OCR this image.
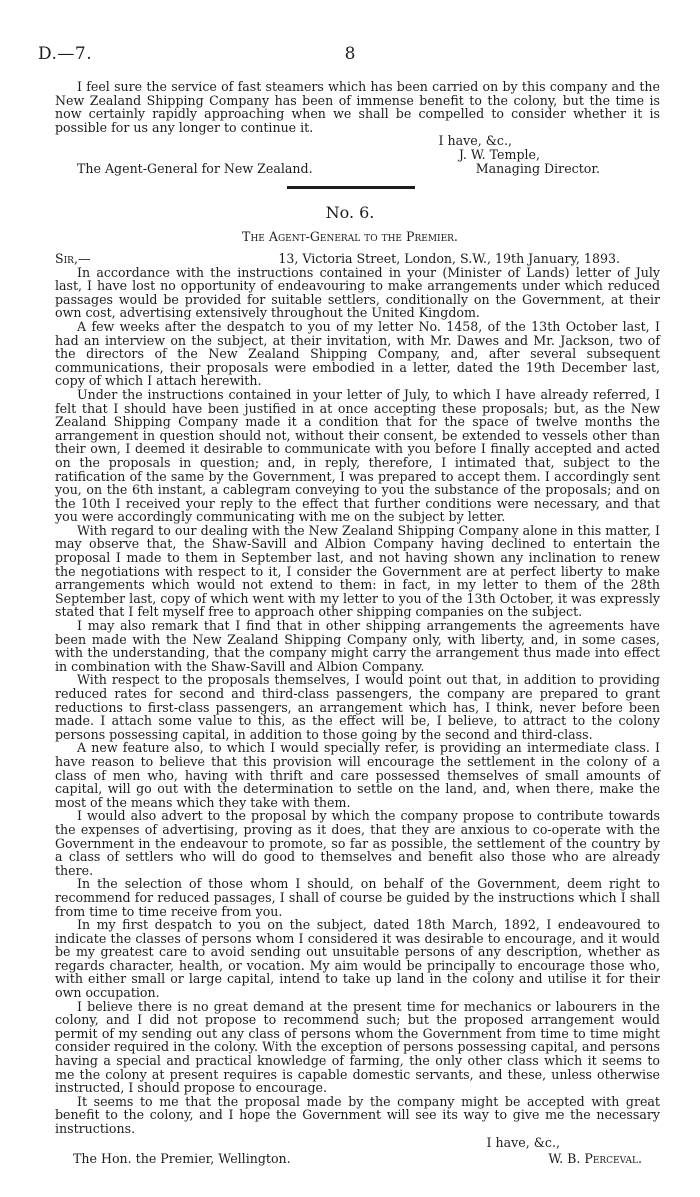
D.—7.	8

I feel sure the service of fast steamers which has been carried on by this company and the New Zealand Shipping Company has been of immense benefit to the colony, but the time is now certainly rapidly approaching when we shall be compelled to consider whether it is possible for us any longer to continue it.

I have, &c.,
J. W. Temple,
The Agent-General for New Zealand.	Managing Director.
No. 6.
The Agent-General to the Premier.
Sir,—	13, Victoria Street, London, S.W., 19th January, 1893.

In accordance with the instructions contained in your (Minister of Lands) letter of July last, I have lost no opportunity of endeavouring to make arrangements under which reduced passages would be provided for suitable settlers, conditionally on the Government, at their own cost, advertising extensively throughout the United Kingdom.

A few weeks after the despatch to you of my letter No. 1458, of the 13th October last, I had an interview on the subject, at their invitation, with Mr. Dawes and Mr. Jackson, two of the directors of the New Zealand Shipping Company, and, after several subsequent communications, their proposals were embodied in a letter, dated the 19th December last, copy of which I attach herewith.

Under the instructions contained in your letter of July, to which I have already referred, I felt that I should have been justified in at once accepting these proposals; but, as the New Zealand Shipping Company made it a condition that for the space of twelve months the arrangement in question should not, without their consent, be extended to vessels other than their own, I deemed it desirable to communicate with you before I finally accepted and acted on the proposals in question; and, in reply, therefore, I intimated that, subject to the ratification of the same by the Government, I was prepared to accept them. I accordingly sent you, on the 6th instant, a cablegram conveying to you the substance of the proposals; and on the 10th I received your reply to the effect that further conditions were necessary, and that you were accordingly communicating with me on the subject by letter.

With regard to our dealing with the New Zealand Shipping Company alone in this matter, I may observe that, the Shaw-Savill and Albion Company having declined to entertain the proposal I made to them in September last, and not having shown any inclination to renew the negotiations with respect to it, I consider the Government are at perfect liberty to make arrangements which would not extend to them: in fact, in my letter to them of the 28th September last, copy of which went with my letter to you of the 13th October, it was expressly stated that I felt myself free to approach other shipping companies on the subject.

I may also remark that I find that in other shipping arrangements the agreements have been made with the New Zealand Shipping Company only, with liberty, and, in some cases, with the understanding, that the company might carry the arrangement thus made into effect in combination with the Shaw-Savill and Albion Company.

With respect to the proposals themselves, I would point out that, in addition to providing reduced rates for second and third-class passengers, the company are prepared to grant reductions to first-class passengers, an arrangement which has, I think, never before been made. I attach some value to this, as the effect will be, I believe, to attract to the colony persons possessing capital, in addition to those going by the second and third-class.

A new feature also, to which I would specially refer, is providing an intermediate class. I have reason to believe that this provision will encourage the settlement in the colony of a class of men who, having with thrift and care possessed themselves of small amounts of capital, will go out with the determination to settle on the land, and, when there, make the most of the means which they take with them.

I would also advert to the proposal by which the company propose to contribute towards the expenses of advertising, proving as it does, that they are anxious to co-operate with the Government in the endeavour to promote, so far as possible, the settlement of the country by a class of settlers who will do good to themselves and benefit also those who are already there.

In the selection of those whom I should, on behalf of the Government, deem right to recommend for reduced passages, I shall of course be guided by the instructions which I shall from time to time receive from you.

In my first despatch to you on the subject, dated 18th March, 1892, I endeavoured to indicate the classes of persons whom I considered it was desirable to encourage, and it would be my greatest care to avoid sending out unsuitable persons of any description, whether as regards character, health, or vocation. My aim would be principally to encourage those who, with either small or large capital, intend to take up land in the colony and utilise it for their own occupation.

I believe there is no great demand at the present time for mechanics or labourers in the colony, and I did not propose to recommend such; but the proposed arrangement would permit of my sending out any class of persons whom the Government from time to time might consider required in the colony. With the exception of persons possessing capital, and persons having a special and practical knowledge of farming, the only other class which it seems to me the colony at present requires is capable domestic servants, and these, unless otherwise instructed, I should propose to encourage.

It seems to me that the proposal made by the company might be accepted with great benefit to the colony, and I hope the Government will see its way to give me the necessary instructions.

I have, &c.,
The Hon. the Premier, Wellington.	W. B. Perceval.
